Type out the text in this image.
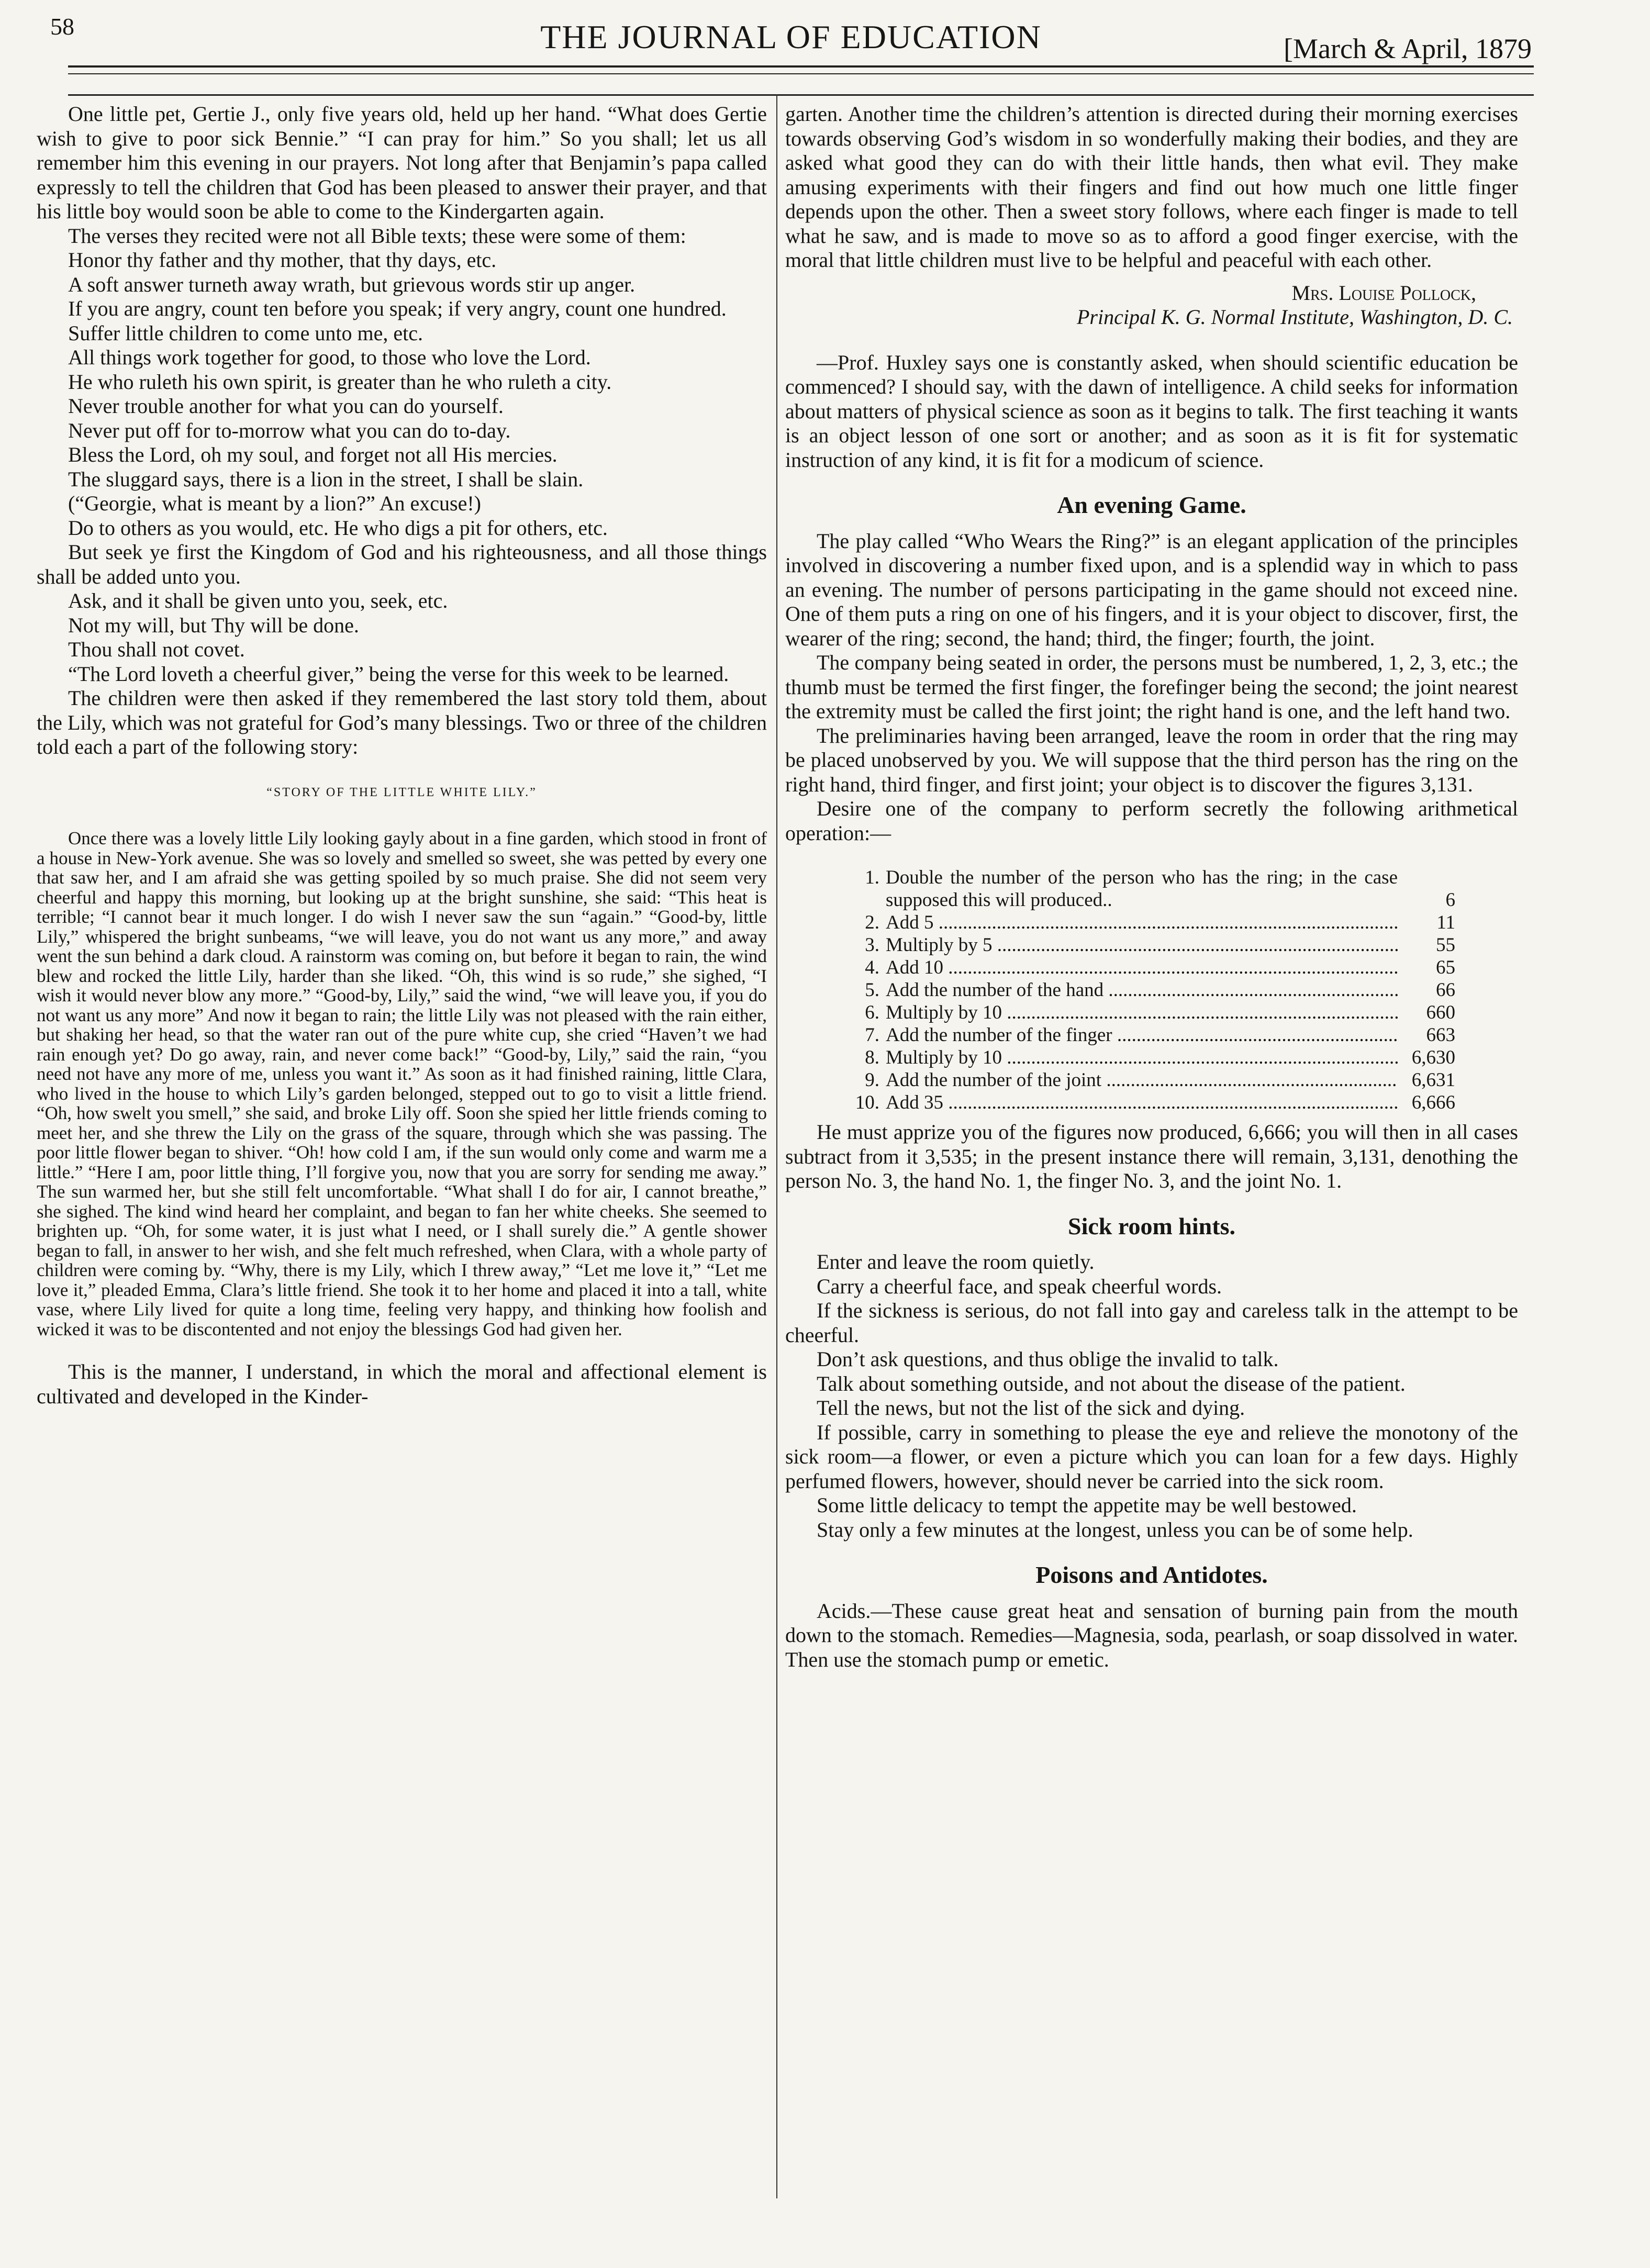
58	THE JOURNAL OF EDUCATION	[March & April, 1879

One little pet, Gertie J., only five years old, held up her hand. “What does Gertie wish to give to poor sick Bennie.” “I can pray for him.” So you shall; let us all remember him this evening in our prayers. Not long after that Benjamin’s papa called expressly to tell the children that God has been pleased to answer their prayer, and that his little boy would soon be able to come to the Kindergarten again.

The verses they recited were not all Bible texts; these were some of them:

Honor thy father and thy mother, that thy days, etc.

A soft answer turneth away wrath, but grievous words stir up anger.

If you are angry, count ten before you speak; if very angry, count one hundred.

Suffer little children to come unto me, etc.

All things work together for good, to those who love the Lord.

He who ruleth his own spirit, is greater than he who ruleth a city.

Never trouble another for what you can do yourself.

Never put off for to-morrow what you can do to-day.

Bless the Lord, oh my soul, and forget not all His mercies.

The sluggard says, there is a lion in the street, I shall be slain.

(“Georgie, what is meant by a lion?” An excuse!)

Do to others as you would, etc. He who digs a pit for others, etc.

But seek ye first the Kingdom of God and his righteousness, and all those things shall be added unto you.

Ask, and it shall be given unto you, seek, etc.

Not my will, but Thy will be done.

Thou shall not covet.

“The Lord loveth a cheerful giver,” being the verse for this week to be learned.

The children were then asked if they remembered the last story told them, about the Lily, which was not grateful for God’s many blessings. Two or three of the children told each a part of the following story:

“STORY OF THE LITTLE WHITE LILY.”

Once there was a lovely little Lily looking gayly about in a fine garden, which stood in front of a house in New-York avenue. She was so lovely and smelled so sweet, she was petted by every one that saw her, and I am afraid she was getting spoiled by so much praise. She did not seem very cheerful and happy this morning, but looking up at the bright sunshine, she said: “This heat is terrible; “I cannot bear it much longer. I do wish I never saw the sun “again.” “Good-by, little Lily,” whispered the bright sunbeams, “we will leave, you do not want us any more,” and away went the sun behind a dark cloud. A rainstorm was coming on, but before it began to rain, the wind blew and rocked the little Lily, harder than she liked. “Oh, this wind is so rude,” she sighed, “I wish it would never blow any more.” “Good-by, Lily,” said the wind, “we will leave you, if you do not want us any more” And now it began to rain; the little Lily was not pleased with the rain either, but shaking her head, so that the water ran out of the pure white cup, she cried “Haven’t we had rain enough yet? Do go away, rain, and never come back!” “Good-by, Lily,” said the rain, “you need not have any more of me, unless you want it.” As soon as it had finished raining, little Clara, who lived in the house to which Lily’s garden belonged, stepped out to go to visit a little friend. “Oh, how swelt you smell,” she said, and broke Lily off. Soon she spied her little friends coming to meet her, and she threw the Lily on the grass of the square, through which she was passing. The poor little flower began to shiver. “Oh! how cold I am, if the sun would only come and warm me a little.” “Here I am, poor little thing, I’ll forgive you, now that you are sorry for sending me away.” The sun warmed her, but she still felt uncomfortable. “What shall I do for air, I cannot breathe,” she sighed. The kind wind heard her complaint, and began to fan her white cheeks. She seemed to brighten up. “Oh, for some water, it is just what I need, or I shall surely die.” A gentle shower began to fall, in answer to her wish, and she felt much refreshed, when Clara, with a whole party of children were coming by. “Why, there is my Lily, which I threw away,” “Let me love it,” “Let me love it,” pleaded Emma, Clara’s little friend. She took it to her home and placed it into a tall, white vase, where Lily lived for quite a long time, feeling very happy, and thinking how foolish and wicked it was to be discontented and not enjoy the blessings God had given her.

This is the manner, I understand, in which the moral and affectional element is cultivated and developed in the Kinder-

garten. Another time the children’s attention is directed during their morning exercises towards observing God’s wisdom in so wonderfully making their bodies, and they are asked what good they can do with their little hands, then what evil. They make amusing experiments with their fingers and find out how much one little finger depends upon the other. Then a sweet story follows, where each finger is made to tell what he saw, and is made to move so as to afford a good finger exercise, with the moral that little children must live to be helpful and peaceful with each other.

Mrs. Louise Pollock,

Principal K. G. Normal Institute, Washington, D. C.

—Prof. Huxley says one is constantly asked, when should scientific education be commenced? I should say, with the dawn of intelligence. A child seeks for information about matters of physical science as soon as it begins to talk. The first teaching it wants is an object lesson of one sort or another; and as soon as it is fit for systematic instruction of any kind, it is fit for a modicum of science.

An evening Game.

The play called “Who Wears the Ring?” is an elegant application of the principles involved in discovering a number fixed upon, and is a splendid way in which to pass an evening. The number of persons participating in the game should not exceed nine. One of them puts a ring on one of his fingers, and it is your object to discover, first, the wearer of the ring; second, the hand; third, the finger; fourth, the joint.

The company being seated in order, the persons must be numbered, 1, 2, 3, etc.; the thumb must be termed the first finger, the forefinger being the second; the joint nearest the extremity must be called the first joint; the right hand is one, and the left hand two.

The preliminaries having been arranged, leave the room in order that the ring may be placed unobserved by you. We will suppose that the third person has the ring on the right hand, third finger, and first joint; your object is to discover the figures 3,131.

Desire one of the company to perform secretly the following arithmetical operation:—

1. Double the number of the person who has the ring; in the case supposed this will produced..	6
2. Add 5 .....	11
3. Multiply by 5 .....	55
4. Add 10 .....	65
5. Add the number of the hand .....	66
6. Multiply by 10 .....	660
7. Add the number of the finger .....	663
8. Multiply by 10 .....	6,630
9. Add the number of the joint .....	6,631
10. Add 35 .....	6,666

He must apprize you of the figures now produced, 6,666; you will then in all cases subtract from it 3,535; in the present instance there will remain, 3,131, denothing the person No. 3, the hand No. 1, the finger No. 3, and the joint No. 1.

Sick room hints.

Enter and leave the room quietly.

Carry a cheerful face, and speak cheerful words.

If the sickness is serious, do not fall into gay and careless talk in the attempt to be cheerful.

Don’t ask questions, and thus oblige the invalid to talk.

Talk about something outside, and not about the disease of the patient.

Tell the news, but not the list of the sick and dying.

If possible, carry in something to please the eye and relieve the monotony of the sick room—a flower, or even a picture which you can loan for a few days. Highly perfumed flowers, however, should never be carried into the sick room.

Some little delicacy to tempt the appetite may be well bestowed.

Stay only a few minutes at the longest, unless you can be of some help.

Poisons and Antidotes.

Acids.—These cause great heat and sensation of burning pain from the mouth down to the stomach. Remedies—Magnesia, soda, pearlash, or soap dissolved in water. Then use the stomach pump or emetic.
